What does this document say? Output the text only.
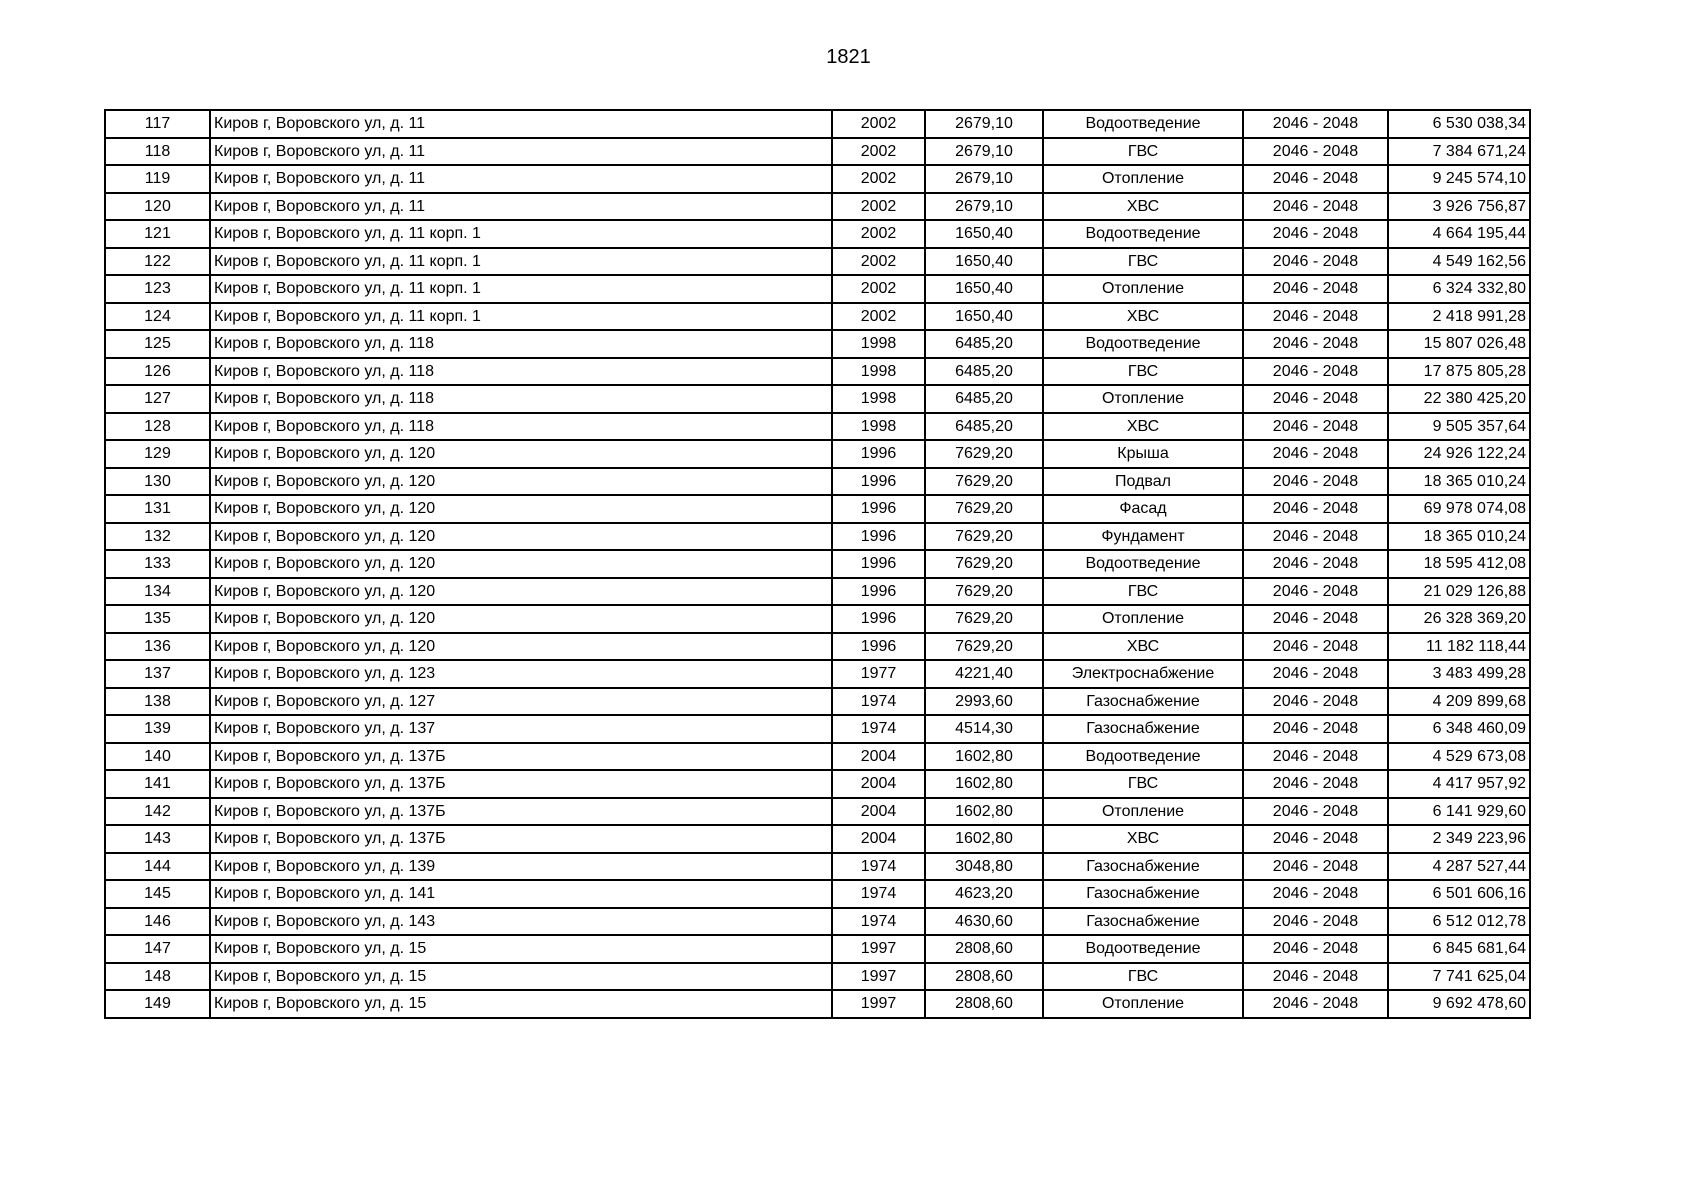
1821
117	Киров г, Воровского ул, д. 11	2002	2679,10	Водоотведение	2046 - 2048	6 530 038,34
118	Киров г, Воровского ул, д. 11	2002	2679,10	ГВС	2046 - 2048	7 384 671,24
119	Киров г, Воровского ул, д. 11	2002	2679,10	Отопление	2046 - 2048	9 245 574,10
120	Киров г, Воровского ул, д. 11	2002	2679,10	ХВС	2046 - 2048	3 926 756,87
121	Киров г, Воровского ул, д. 11 корп. 1	2002	1650,40	Водоотведение	2046 - 2048	4 664 195,44
122	Киров г, Воровского ул, д. 11 корп. 1	2002	1650,40	ГВС	2046 - 2048	4 549 162,56
123	Киров г, Воровского ул, д. 11 корп. 1	2002	1650,40	Отопление	2046 - 2048	6 324 332,80
124	Киров г, Воровского ул, д. 11 корп. 1	2002	1650,40	ХВС	2046 - 2048	2 418 991,28
125	Киров г, Воровского ул, д. 118	1998	6485,20	Водоотведение	2046 - 2048	15 807 026,48
126	Киров г, Воровского ул, д. 118	1998	6485,20	ГВС	2046 - 2048	17 875 805,28
127	Киров г, Воровского ул, д. 118	1998	6485,20	Отопление	2046 - 2048	22 380 425,20
128	Киров г, Воровского ул, д. 118	1998	6485,20	ХВС	2046 - 2048	9 505 357,64
129	Киров г, Воровского ул, д. 120	1996	7629,20	Крыша	2046 - 2048	24 926 122,24
130	Киров г, Воровского ул, д. 120	1996	7629,20	Подвал	2046 - 2048	18 365 010,24
131	Киров г, Воровского ул, д. 120	1996	7629,20	Фасад	2046 - 2048	69 978 074,08
132	Киров г, Воровского ул, д. 120	1996	7629,20	Фундамент	2046 - 2048	18 365 010,24
133	Киров г, Воровского ул, д. 120	1996	7629,20	Водоотведение	2046 - 2048	18 595 412,08
134	Киров г, Воровского ул, д. 120	1996	7629,20	ГВС	2046 - 2048	21 029 126,88
135	Киров г, Воровского ул, д. 120	1996	7629,20	Отопление	2046 - 2048	26 328 369,20
136	Киров г, Воровского ул, д. 120	1996	7629,20	ХВС	2046 - 2048	11 182 118,44
137	Киров г, Воровского ул, д. 123	1977	4221,40	Электроснабжение	2046 - 2048	3 483 499,28
138	Киров г, Воровского ул, д. 127	1974	2993,60	Газоснабжение	2046 - 2048	4 209 899,68
139	Киров г, Воровского ул, д. 137	1974	4514,30	Газоснабжение	2046 - 2048	6 348 460,09
140	Киров г, Воровского ул, д. 137Б	2004	1602,80	Водоотведение	2046 - 2048	4 529 673,08
141	Киров г, Воровского ул, д. 137Б	2004	1602,80	ГВС	2046 - 2048	4 417 957,92
142	Киров г, Воровского ул, д. 137Б	2004	1602,80	Отопление	2046 - 2048	6 141 929,60
143	Киров г, Воровского ул, д. 137Б	2004	1602,80	ХВС	2046 - 2048	2 349 223,96
144	Киров г, Воровского ул, д. 139	1974	3048,80	Газоснабжение	2046 - 2048	4 287 527,44
145	Киров г, Воровского ул, д. 141	1974	4623,20	Газоснабжение	2046 - 2048	6 501 606,16
146	Киров г, Воровского ул, д. 143	1974	4630,60	Газоснабжение	2046 - 2048	6 512 012,78
147	Киров г, Воровского ул, д. 15	1997	2808,60	Водоотведение	2046 - 2048	6 845 681,64
148	Киров г, Воровского ул, д. 15	1997	2808,60	ГВС	2046 - 2048	7 741 625,04
149	Киров г, Воровского ул, д. 15	1997	2808,60	Отопление	2046 - 2048	9 692 478,60
